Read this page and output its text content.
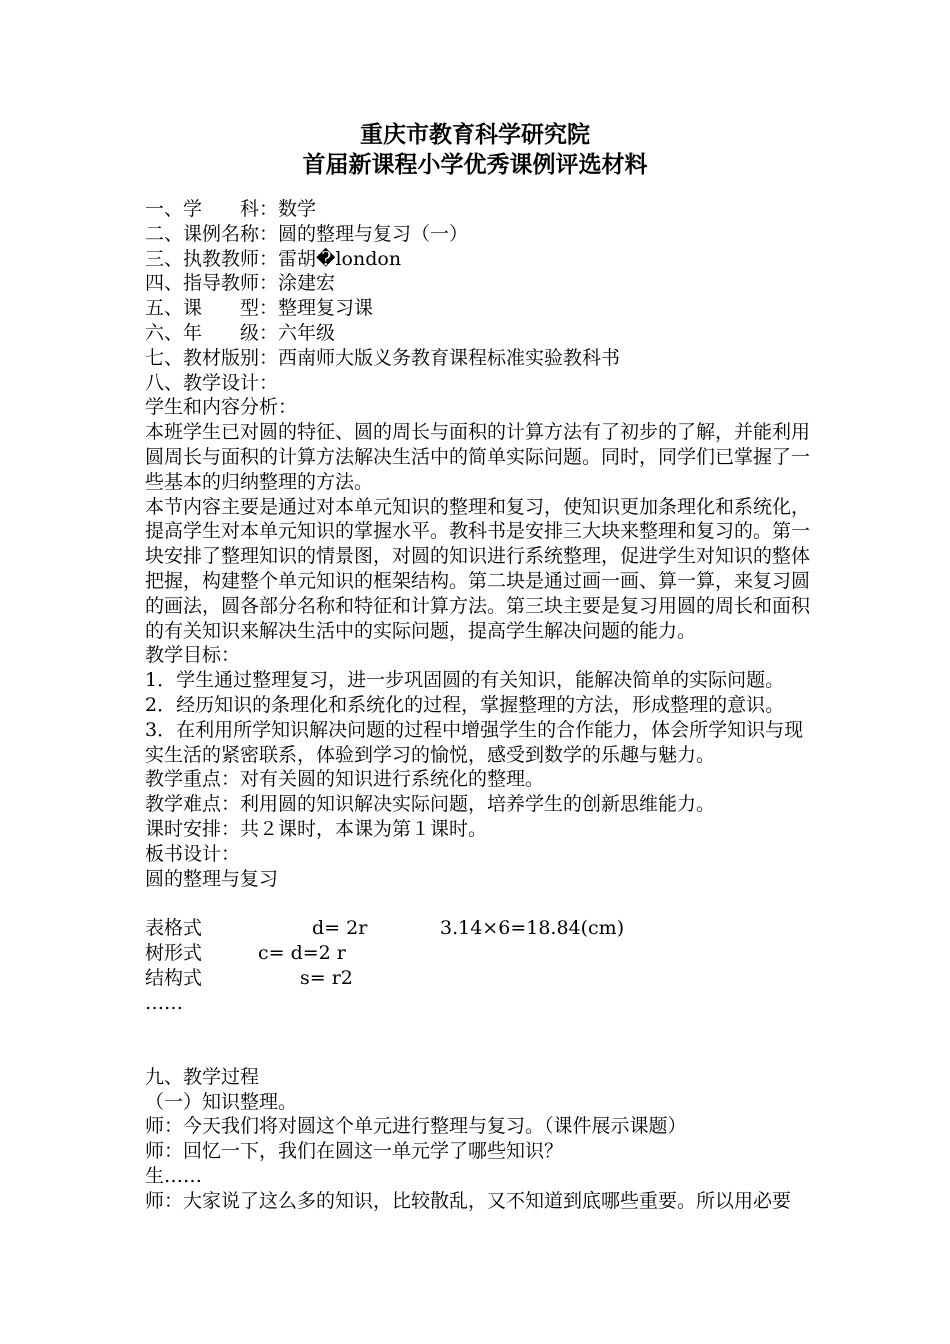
重庆市教育科学研究院
首届新课程小学优秀课例评选材料

一、学　　科：数学

二、课例名称：圆的整理与复习（一）

三、执教教师：雷胡�london

四、指导教师：涂建宏

五、课　　型：整理复习课

六、年　　级：六年级

七、教材版别：西南师大版义务教育课程标准实验教科书

八、教学设计：

学生和内容分析：

本班学生已对圆的特征、圆的周长与面积的计算方法有了初步的了解，并能利用圆周长与面积的计算方法解决生活中的简单实际问题。同时，同学们已掌握了一些基本的归纳整理的方法。

本节内容主要是通过对本单元知识的整理和复习，使知识更加条理化和系统化，提高学生对本单元知识的掌握水平。教科书是安排三大块来整理和复习的。第一块安排了整理知识的情景图，对圆的知识进行系统整理，促进学生对知识的整体把握，构建整个单元知识的框架结构。第二块是通过画一画、算一算，来复习圆的画法，圆各部分名称和特征和计算方法。第三块主要是复习用圆的周长和面积的有关知识来解决生活中的实际问题，提高学生解决问题的能力。

教学目标：

1．学生通过整理复习，进一步巩固圆的有关知识，能解决简单的实际问题。

2．经历知识的条理化和系统化的过程，掌握整理的方法，形成整理的意识。

3．在利用所学知识解决问题的过程中增强学生的合作能力，体会所学知识与现实生活的紧密联系，体验到学习的愉悦，感受到数学的乐趣与魅力。

教学重点：对有关圆的知识进行系统化的整理。

教学难点：利用圆的知识解决实际问题，培养学生的创新思维能力。

课时安排：共２课时，本课为第１课时。

板书设计：

圆的整理与复习

表格式	d= 2r	3.14×6=18.84(cm)
树形式	c= d=2 r
结构式	s= r2

……

九、教学过程

（一）知识整理。

师：今天我们将对圆这个单元进行整理与复习。（课件展示课题）

师：回忆一下，我们在圆这一单元学了哪些知识？

生……

师：大家说了这么多的知识，比较散乱，又不知道到底哪些重要。所以用必要
